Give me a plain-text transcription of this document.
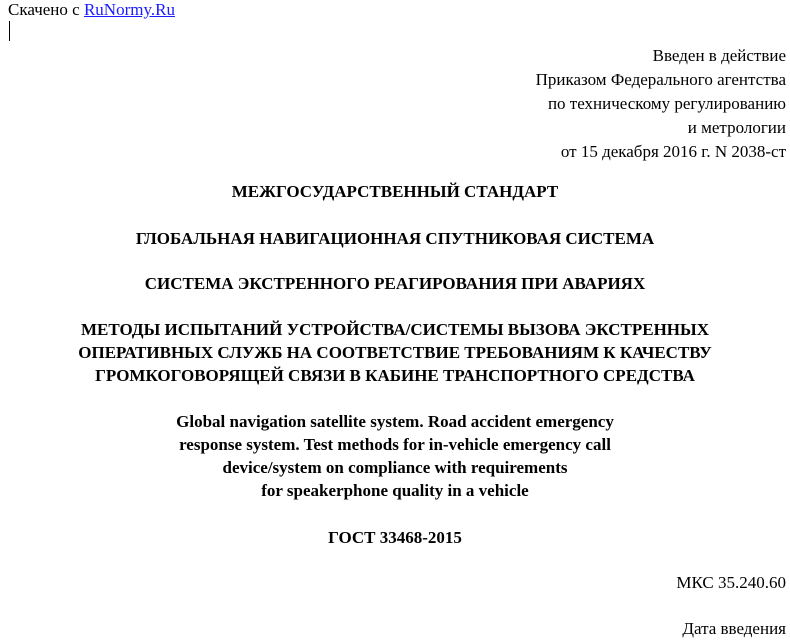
Скачено с RuNormy.Ru
Введен в действие
Приказом Федерального агентства
по техническому регулированию
и метрологии
от 15 декабря 2016 г. N 2038-ст
МЕЖГОСУДАРСТВЕННЫЙ СТАНДАРТ
ГЛОБАЛЬНАЯ НАВИГАЦИОННАЯ СПУТНИКОВАЯ СИСТЕМА
СИСТЕМА ЭКСТРЕННОГО РЕАГИРОВАНИЯ ПРИ АВАРИЯХ
МЕТОДЫ ИСПЫТАНИЙ УСТРОЙСТВА/СИСТЕМЫ ВЫЗОВА ЭКСТРЕННЫХ
ОПЕРАТИВНЫХ СЛУЖБ НА СООТВЕТСТВИЕ ТРЕБОВАНИЯМ К КАЧЕСТВУ
ГРОМКОГОВОРЯЩЕЙ СВЯЗИ В КАБИНЕ ТРАНСПОРТНОГО СРЕДСТВА
Global navigation satellite system. Road accident emergency
response system. Test methods for in-vehicle emergency call
device/system on compliance with requirements
for speakerphone quality in a vehicle
ГОСТ 33468-2015
МКС 35.240.60
Дата введения
